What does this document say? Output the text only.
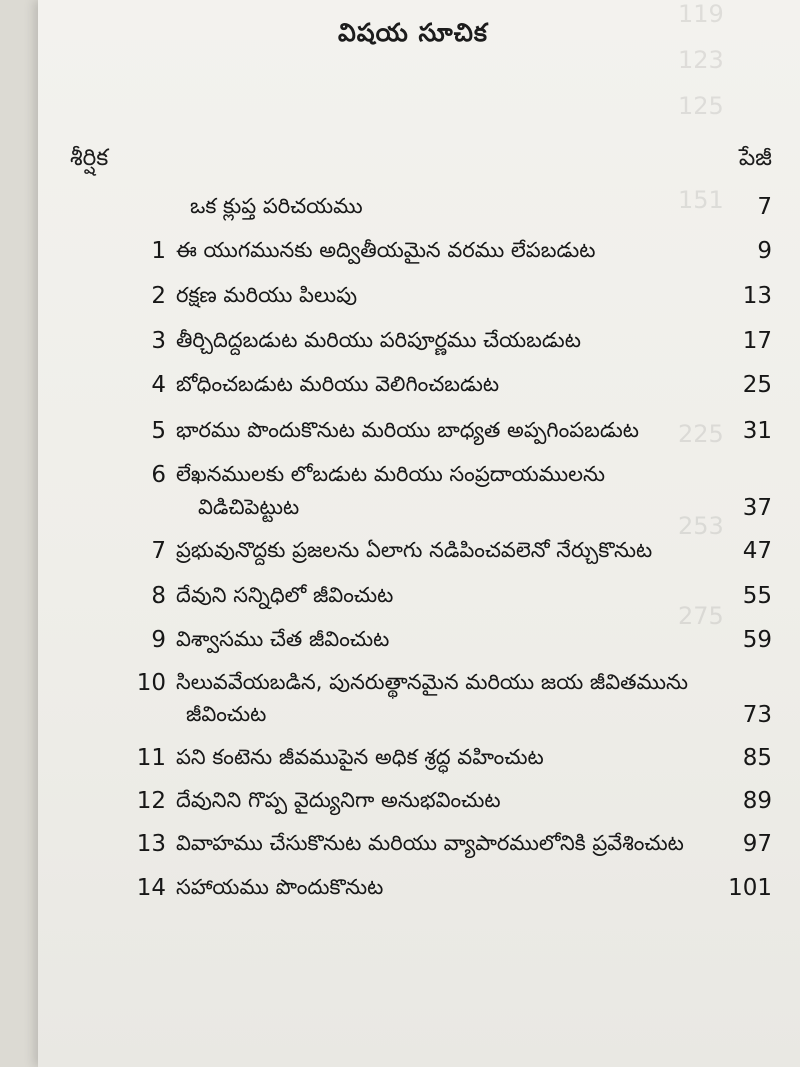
119
123
125
151
225
253
275
విషయ సూచిక
శీర్షిక	పేజీ
ఒక క్లుప్త పరిచయము	7
1 ఈ యుగమునకు అద్వితీయమైన వరము లేపబడుట	9
2 రక్షణ మరియు పిలుపు	13
3 తీర్చిదిద్దబడుట మరియు పరిపూర్ణము చేయబడుట	17
4 బోధించబడుట మరియు వెలిగించబడుట	25
5 భారము పొందుకొనుట మరియు బాధ్యత అప్పగింపబడుట	31
6 లేఖనములకు లోబడుట మరియు సంప్రదాయములను
విడిచిపెట్టుట	37
7 ప్రభువునొద్దకు ప్రజలను ఏలాగు నడిపించవలెనో నేర్చుకొనుట	47
8 దేవుని సన్నిధిలో జీవించుట	55
9 విశ్వాసము చేత జీవించుట	59
10 సిలువవేయబడిన, పునరుత్థానమైన మరియు జయ జీవితమును
జీవించుట	73
11 పని కంటెను జీవముపైన అధిక శ్రద్ధ వహించుట	85
12 దేవునిని గొప్ప వైద్యునిగా అనుభవించుట	89
13 వివాహము చేసుకొనుట మరియు వ్యాపారములోనికి ప్రవేశించుట	97
14 సహాయము పొందుకొనుట	101
